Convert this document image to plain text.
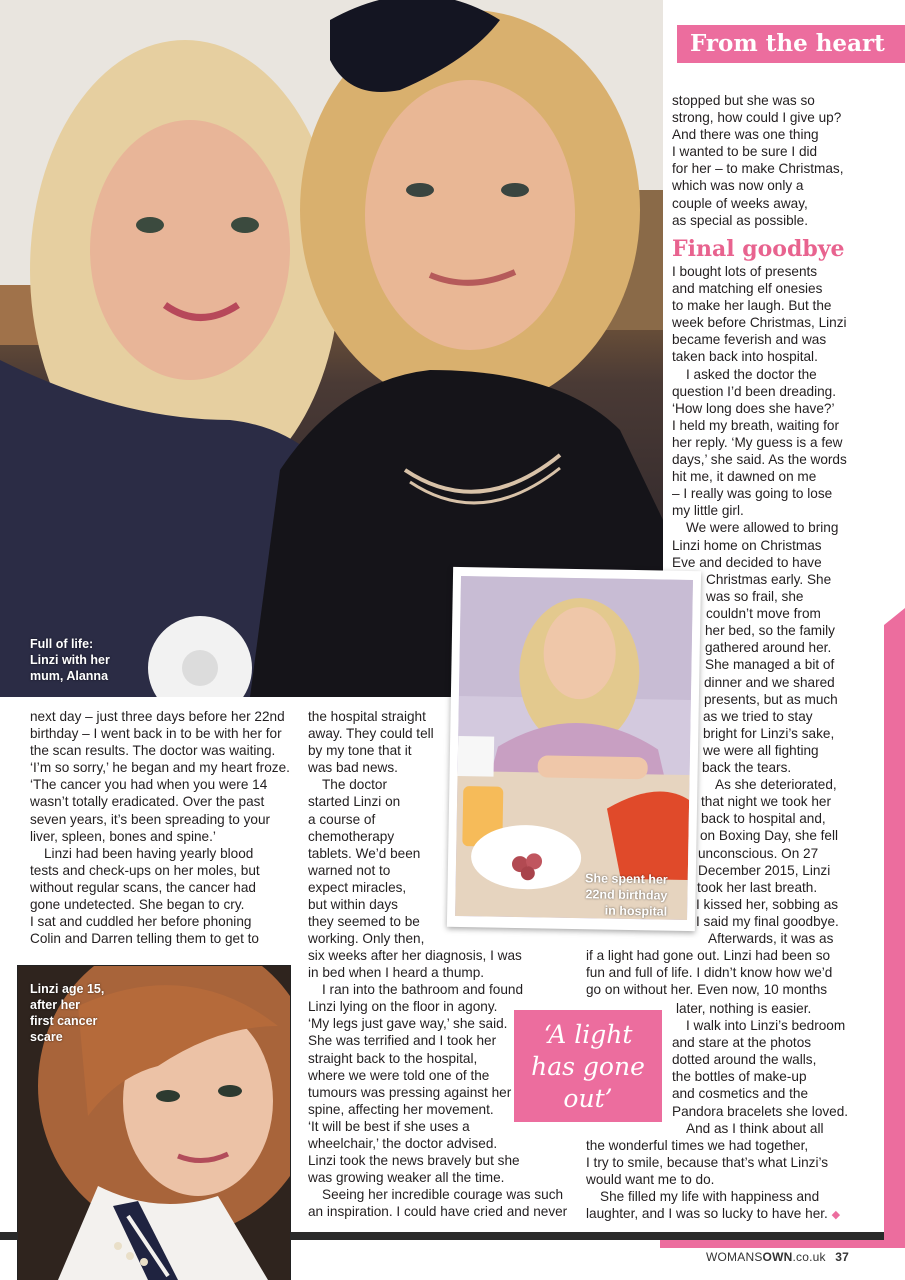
Full of life:
Linzi with her
mum, Alanna
From the heart

stopped but she was so
strong, how could I give up?
And there was one thing
I wanted to be sure I did
for her – to make Christmas,
which was now only a
couple of weeks away,
as special as possible.

Final goodbye
I bought lots of presents
and matching elf onesies
to make her laugh. But the
week before Christmas, Linzi
became feverish and was
taken back into hospital.
I asked the doctor the
question I’d been dreading.
‘How long does she have?’
I held my breath, waiting for
her reply. ‘My guess is a few
days,’ she said. As the words
hit me, it dawned on me
– I really was going to lose
my little girl.
We were allowed to bring
Linzi home on Christmas
Eve and decided to have
She spent her
22nd birthday
in hospital
Christmas early. She
was so frail, she
couldn’t move from
her bed, so the family
gathered around her.
She managed a bit of
dinner and we shared
presents, but as much
as we tried to stay
bright for Linzi’s sake,
we were all fighting
back the tears.
As she deteriorated,
that night we took her
back to hospital and,
on Boxing Day, she fell
unconscious. On 27
December 2015, Linzi
took her last breath.
I kissed her, sobbing as
I said my final goodbye.
Afterwards, it was as
if a light had gone out. Linzi had been so
fun and full of life. I didn’t know how we’d
go on without her. Even now, 10 months
‘A light
has gone
out’
later, nothing is easier.
I walk into Linzi’s bedroom
and stare at the photos
dotted around the walls,
the bottles of make-up
and cosmetics and the
Pandora bracelets she loved.
And as I think about all
the wonderful times we had together,
I try to smile, because that’s what Linzi’s
would want me to do.
She filled my life with happiness and
laughter, and I was so lucky to have her. ◆
next day – just three days before her 22nd
birthday – I went back in to be with her for
the scan results. The doctor was waiting.
‘I’m so sorry,’ he began and my heart froze.
‘The cancer you had when you were 14
wasn’t totally eradicated. Over the past
seven years, it’s been spreading to your
liver, spleen, bones and spine.’
Linzi had been having yearly blood
tests and check-ups on her moles, but
without regular scans, the cancer had
gone undetected. She began to cry.
I sat and cuddled her before phoning
Colin and Darren telling them to get to
the hospital straight
away. They could tell
by my tone that it
was bad news.
The doctor
started Linzi on
a course of
chemotherapy
tablets. We’d been
warned not to
expect miracles,
but within days
they seemed to be
working. Only then,
Linzi age 15,
after her
first cancer
scare
six weeks after her diagnosis, I was
in bed when I heard a thump.
I ran into the bathroom and found
Linzi lying on the floor in agony.
‘My legs just gave way,’ she said.
She was terrified and I took her
straight back to the hospital,
where we were told one of the
tumours was pressing against her
spine, affecting her movement.
‘It will be best if she uses a
wheelchair,’ the doctor advised.
Linzi took the news bravely but she
was growing weaker all the time.
Seeing her incredible courage was such
an inspiration. I could have cried and never
WOMANSOWN.co.uk 37
